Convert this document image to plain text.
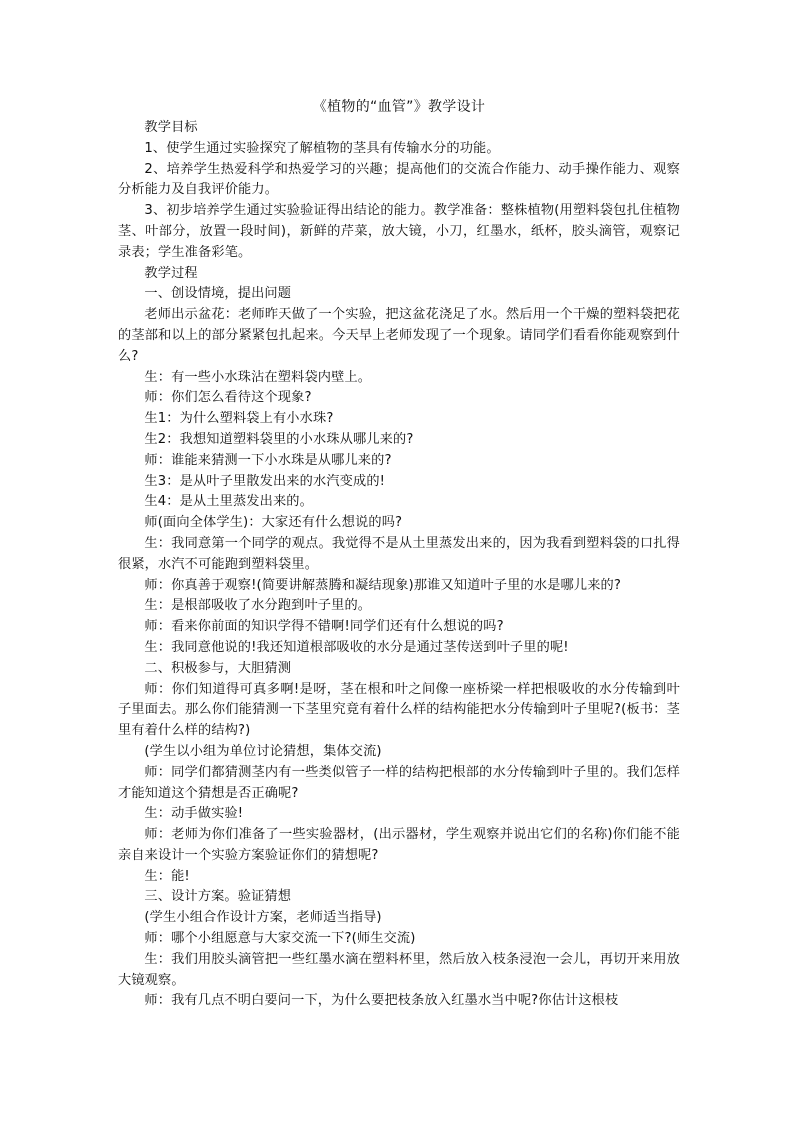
《植物的“血管”》教学设计

教学目标

1、使学生通过实验探究了解植物的茎具有传输水分的功能。

2、培养学生热爱科学和热爱学习的兴趣；提高他们的交流合作能力、动手操作能力、观察分析能力及自我评价能力。

3、初步培养学生通过实验验证得出结论的能力。教学准备：整株植物(用塑料袋包扎住植物茎、叶部分，放置一段时间)，新鲜的芹菜，放大镜，小刀，红墨水，纸杯，胶头滴管，观察记录表；学生准备彩笔。

教学过程

一、创设情境，提出问题

老师出示盆花：老师昨天做了一个实验，把这盆花浇足了水。然后用一个干燥的塑料袋把花的茎部和以上的部分紧紧包扎起来。今天早上老师发现了一个现象。请同学们看看你能观察到什么?

生：有一些小水珠沾在塑料袋内壁上。

师：你们怎么看待这个现象?

生1：为什么塑料袋上有小水珠?

生2：我想知道塑料袋里的小水珠从哪儿来的?

师：谁能来猜测一下小水珠是从哪儿来的?

生3：是从叶子里散发出来的水汽变成的!

生4：是从土里蒸发出来的。

师(面向全体学生)：大家还有什么想说的吗?

生：我同意第一个同学的观点。我觉得不是从土里蒸发出来的，因为我看到塑料袋的口扎得很紧，水汽不可能跑到塑料袋里。

师：你真善于观察!(简要讲解蒸腾和凝结现象)那谁又知道叶子里的水是哪儿来的?

生：是根部吸收了水分跑到叶子里的。

师：看来你前面的知识学得不错啊!同学们还有什么想说的吗?

生：我同意他说的!我还知道根部吸收的水分是通过茎传送到叶子里的呢!

二、积极参与，大胆猜测

师：你们知道得可真多啊!是呀，茎在根和叶之间像一座桥梁一样把根吸收的水分传输到叶子里面去。那么你们能猜测一下茎里究竟有着什么样的结构能把水分传输到叶子里呢?(板书：茎里有着什么样的结构?)

(学生以小组为单位讨论猜想，集体交流)

师：同学们都猜测茎内有一些类似管子一样的结构把根部的水分传输到叶子里的。我们怎样才能知道这个猜想是否正确呢?

生：动手做实验!

师：老师为你们准备了一些实验器材，(出示器材，学生观察并说出它们的名称)你们能不能亲自来设计一个实验方案验证你们的猜想呢?

生：能!

三、设计方案。验证猜想

(学生小组合作设计方案，老师适当指导)

师：哪个小组愿意与大家交流一下?(师生交流)

生：我们用胶头滴管把一些红墨水滴在塑料杯里，然后放入枝条浸泡一会儿，再切开来用放大镜观察。

师：我有几点不明白要问一下，为什么要把枝条放入红墨水当中呢?你估计这根枝
